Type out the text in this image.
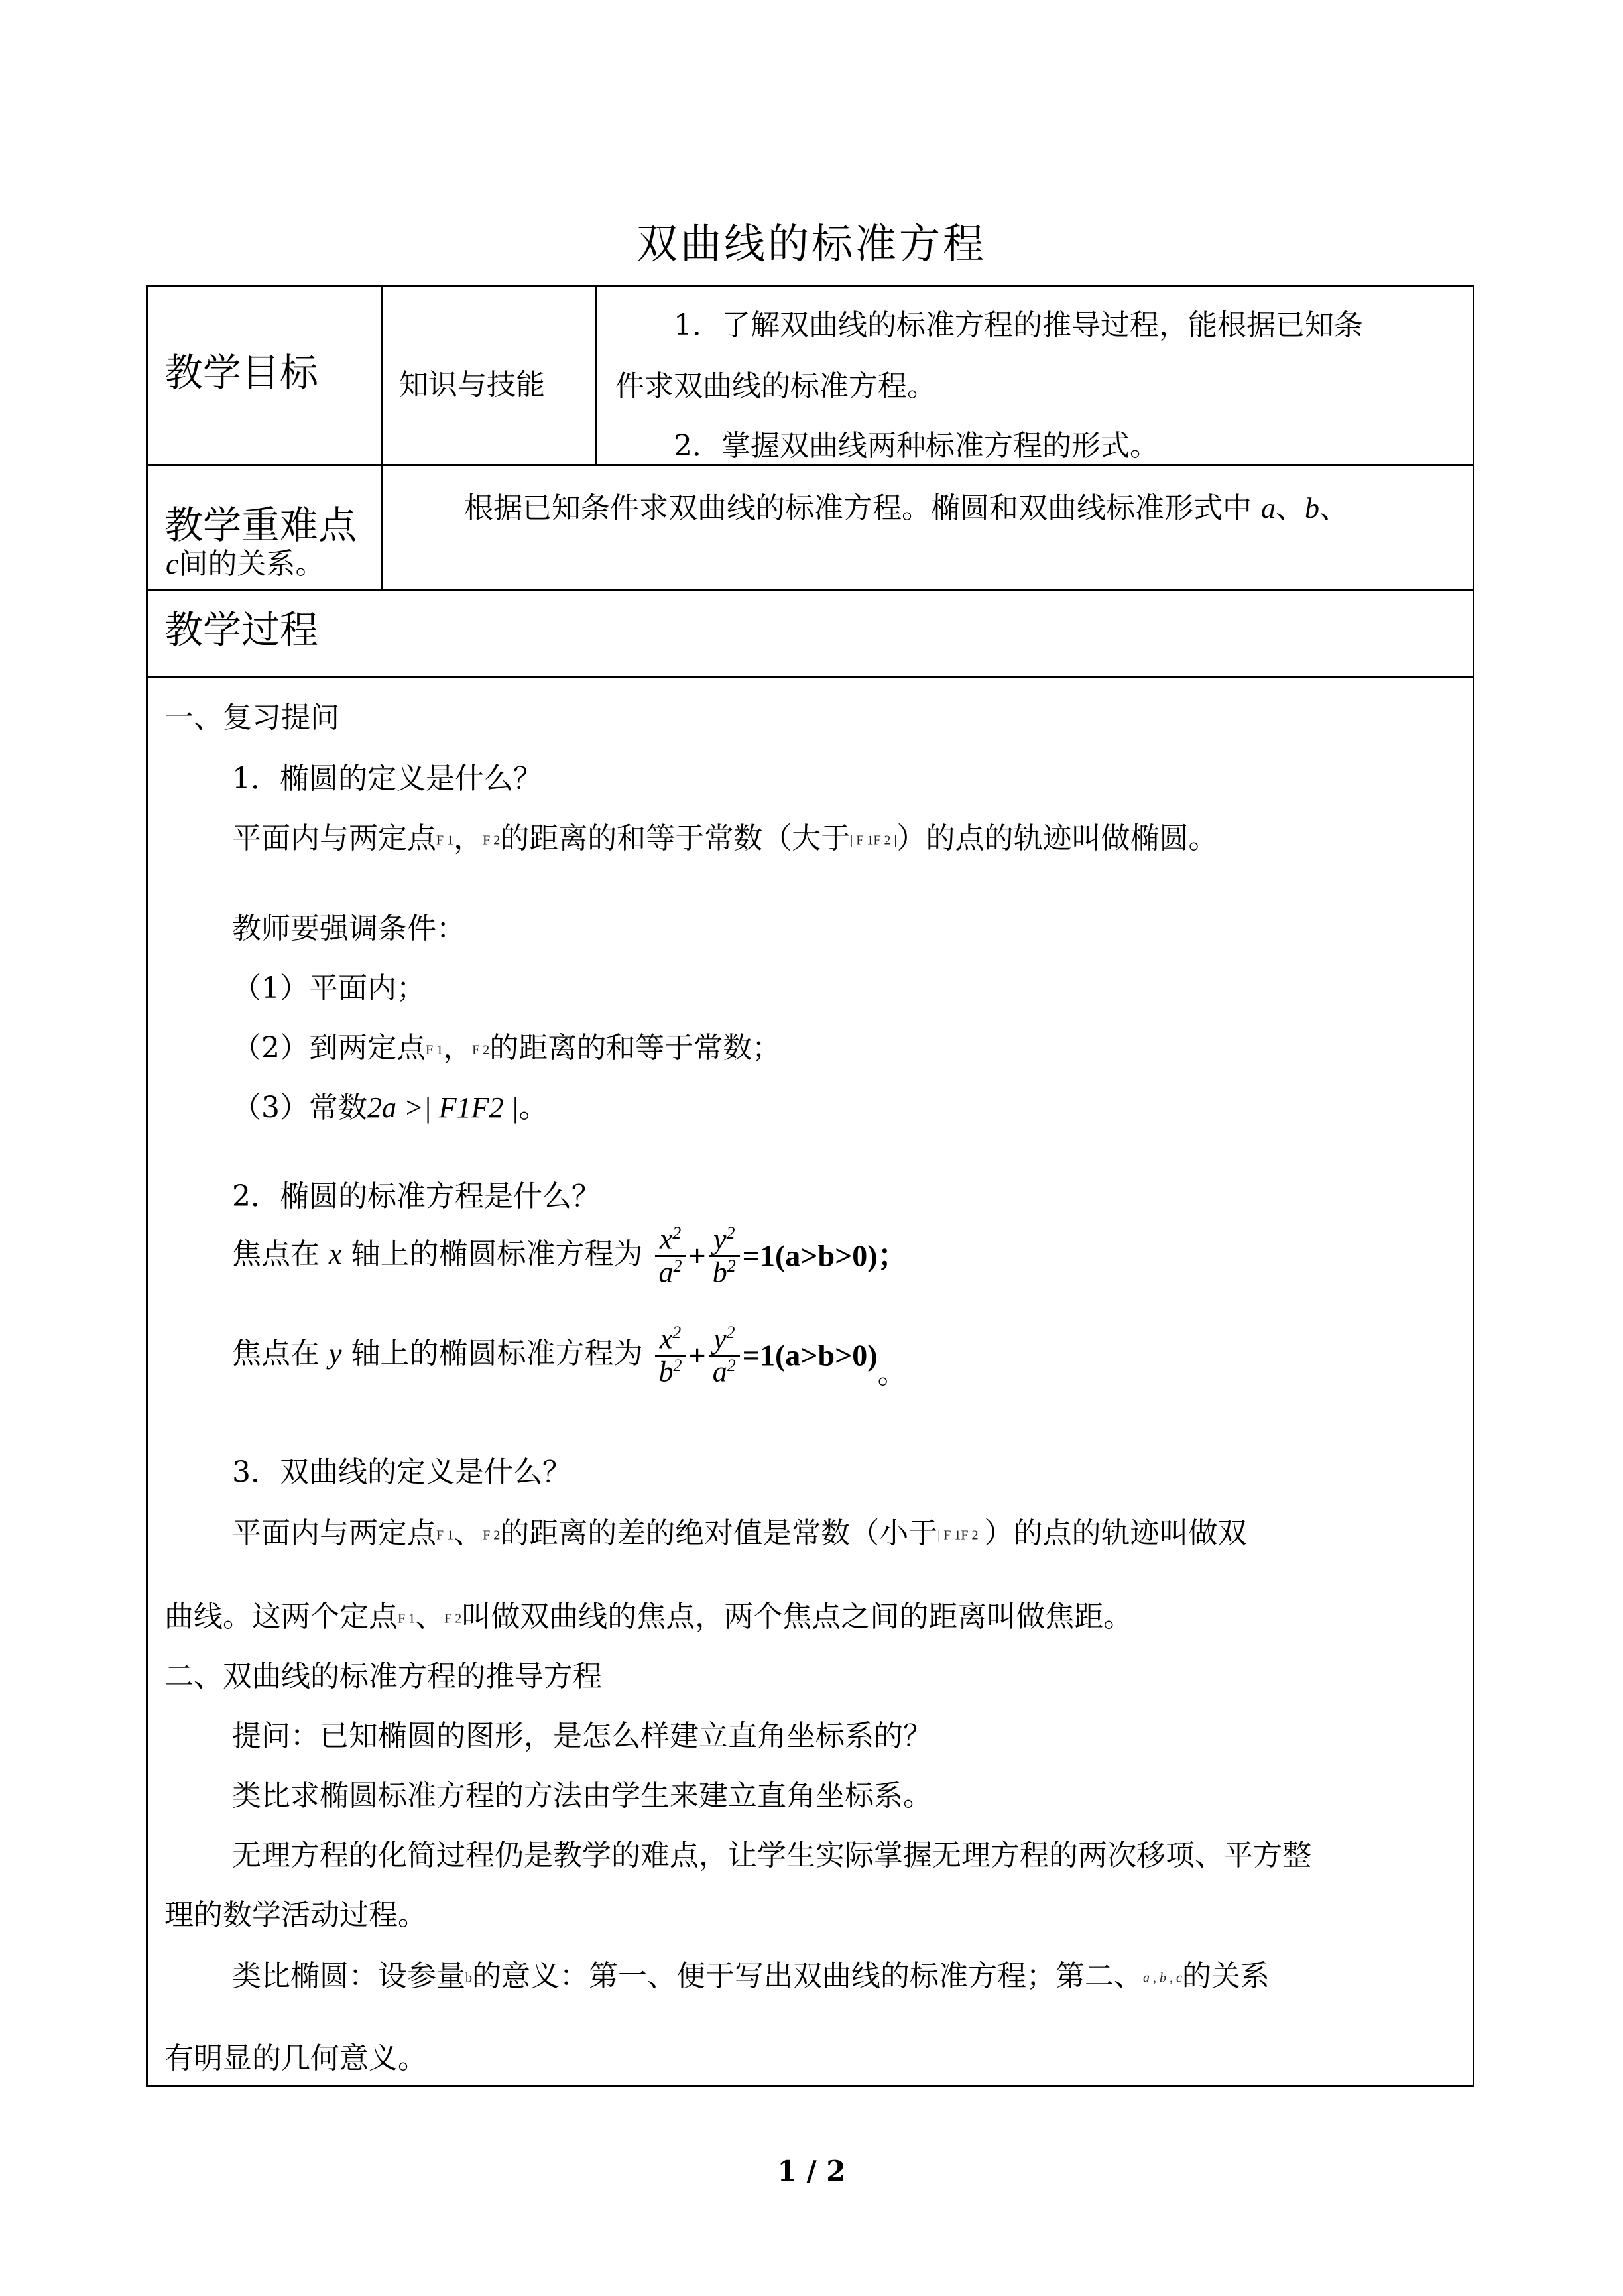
双曲线的标准方程
教学目标	知识与技能
1．了解双曲线的标准方程的推导过程，能根据已知条
件求双曲线的标准方程。
2．掌握双曲线两种标准方程的形式。
教学重难点	根据已知条件求双曲线的标准方程。椭圆和双曲线标准形式中 a、b、
c间的关系。
教学过程
一、复习提问
1．椭圆的定义是什么？
平面内与两定点F 1，F 2的距离的和等于常数（大于| F 1F 2 |）的点的轨迹叫做椭圆。
教师要强调条件：
（1）平面内；
（2）到两定点F 1，F 2的距离的和等于常数；
（3）常数2a >| F1F2 |。
2．椭圆的标准方程是什么？
焦点在 x 轴上的椭圆标准方程为 $\frac{x^2}{a^2} + \frac{y^2}{b^2} =1(a>b>0)$；
焦点在 y 轴上的椭圆标准方程为 $\frac{x^2}{b^2} + \frac{y^2}{a^2} =1(a>b>0)$。
3．双曲线的定义是什么？
平面内与两定点F 1、F 2的距离的差的绝对值是常数（小于| F 1F 2 |）的点的轨迹叫做双
曲线。这两个定点F 1、F 2叫做双曲线的焦点，两个焦点之间的距离叫做焦距。
二、双曲线的标准方程的推导方程
提问：已知椭圆的图形，是怎么样建立直角坐标系的？
类比求椭圆标准方程的方法由学生来建立直角坐标系。
无理方程的化简过程仍是教学的难点，让学生实际掌握无理方程的两次移项、平方整
理的数学活动过程。
类比椭圆：设参量b的意义：第一、便于写出双曲线的标准方程；第二、a , b , c的关系
有明显的几何意义。
1 / 2
